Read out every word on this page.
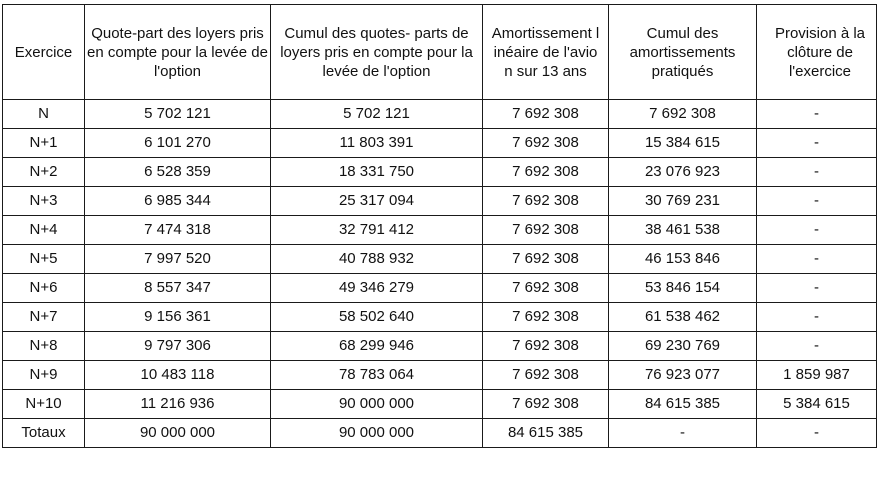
Exercice	Quote-part des loyers pris en compte pour la levée de l'option	Cumul des quotes- parts de loyers pris en compte pour la levée de l'option	Amortissement linéaire de l'avion sur 13 ans	Cumul des amortissements pratiqués	Provision à la clôture de l'exercice

N	5 702 121	5 702 121	7 692 308	7 692 308	-
N+1	6 101 270	11 803 391	7 692 308	15 384 615	-
N+2	6 528 359	18 331 750	7 692 308	23 076 923	-
N+3	6 985 344	25 317 094	7 692 308	30 769 231	-
N+4	7 474 318	32 791 412	7 692 308	38 461 538	-
N+5	7 997 520	40 788 932	7 692 308	46 153 846	-
N+6	8 557 347	49 346 279	7 692 308	53 846 154	-
N+7	9 156 361	58 502 640	7 692 308	61 538 462	-
N+8	9 797 306	68 299 946	7 692 308	69 230 769	-
N+9	10 483 118	78 783 064	7 692 308	76 923 077	1 859 987
N+10	11 216 936	90 000 000	7 692 308	84 615 385	5 384 615
Totaux	90 000 000	90 000 000	84 615 385	-	-
